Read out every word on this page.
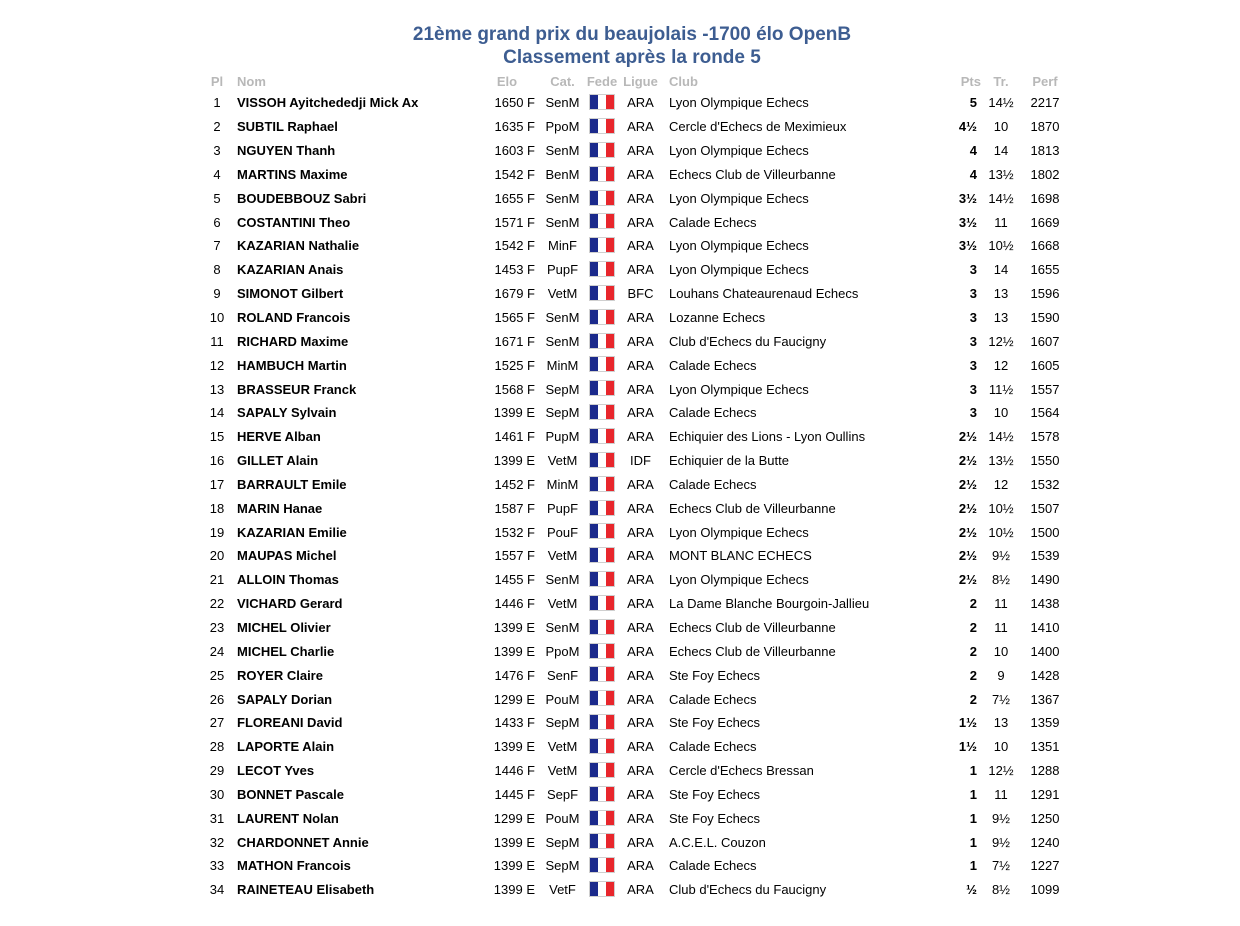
21ème grand prix du beaujolais -1700 élo OpenB
Classement après la ronde 5
Pl	Nom	Elo	Cat.	Fede	Ligue	Club	Pts	Tr.	Perf
1	VISSOH Ayitchededji Mick Ax	1650 F	SenM		ARA	Lyon Olympique Echecs	5	14½	2217
2	SUBTIL Raphael	1635 F	PpoM		ARA	Cercle d'Echecs de Meximieux	4½	10	1870
3	NGUYEN Thanh	1603 F	SenM		ARA	Lyon Olympique Echecs	4	14	1813
4	MARTINS Maxime	1542 F	BenM		ARA	Echecs Club de Villeurbanne	4	13½	1802
5	BOUDEBBOUZ Sabri	1655 F	SenM		ARA	Lyon Olympique Echecs	3½	14½	1698
6	COSTANTINI Theo	1571 F	SenM		ARA	Calade Echecs	3½	11	1669
7	KAZARIAN Nathalie	1542 F	MinF		ARA	Lyon Olympique Echecs	3½	10½	1668
8	KAZARIAN Anais	1453 F	PupF		ARA	Lyon Olympique Echecs	3	14	1655
9	SIMONOT Gilbert	1679 F	VetM		BFC	Louhans Chateaurenaud Echecs	3	13	1596
10	ROLAND Francois	1565 F	SenM		ARA	Lozanne Echecs	3	13	1590
11	RICHARD Maxime	1671 F	SenM		ARA	Club d'Echecs du Faucigny	3	12½	1607
12	HAMBUCH Martin	1525 F	MinM		ARA	Calade Echecs	3	12	1605
13	BRASSEUR Franck	1568 F	SepM		ARA	Lyon Olympique Echecs	3	11½	1557
14	SAPALY Sylvain	1399 E	SepM		ARA	Calade Echecs	3	10	1564
15	HERVE Alban	1461 F	PupM		ARA	Echiquier des Lions - Lyon Oullins	2½	14½	1578
16	GILLET Alain	1399 E	VetM		IDF	Echiquier de la Butte	2½	13½	1550
17	BARRAULT Emile	1452 F	MinM		ARA	Calade Echecs	2½	12	1532
18	MARIN Hanae	1587 F	PupF		ARA	Echecs Club de Villeurbanne	2½	10½	1507
19	KAZARIAN Emilie	1532 F	PouF		ARA	Lyon Olympique Echecs	2½	10½	1500
20	MAUPAS Michel	1557 F	VetM		ARA	MONT BLANC ECHECS	2½	9½	1539
21	ALLOIN Thomas	1455 F	SenM		ARA	Lyon Olympique Echecs	2½	8½	1490
22	VICHARD Gerard	1446 F	VetM		ARA	La Dame Blanche Bourgoin-Jallieu	2	11	1438
23	MICHEL Olivier	1399 E	SenM		ARA	Echecs Club de Villeurbanne	2	11	1410
24	MICHEL Charlie	1399 E	PpoM		ARA	Echecs Club de Villeurbanne	2	10	1400
25	ROYER Claire	1476 F	SenF		ARA	Ste Foy Echecs	2	9	1428
26	SAPALY Dorian	1299 E	PouM		ARA	Calade Echecs	2	7½	1367
27	FLOREANI David	1433 F	SepM		ARA	Ste Foy Echecs	1½	13	1359
28	LAPORTE Alain	1399 E	VetM		ARA	Calade Echecs	1½	10	1351
29	LECOT Yves	1446 F	VetM		ARA	Cercle d'Echecs Bressan	1	12½	1288
30	BONNET Pascale	1445 F	SepF		ARA	Ste Foy Echecs	1	11	1291
31	LAURENT Nolan	1299 E	PouM		ARA	Ste Foy Echecs	1	9½	1250
32	CHARDONNET Annie	1399 E	SepM		ARA	A.C.E.L. Couzon	1	9½	1240
33	MATHON Francois	1399 E	SepM		ARA	Calade Echecs	1	7½	1227
34	RAINETEAU Elisabeth	1399 E	VetF		ARA	Club d'Echecs du Faucigny	½	8½	1099
